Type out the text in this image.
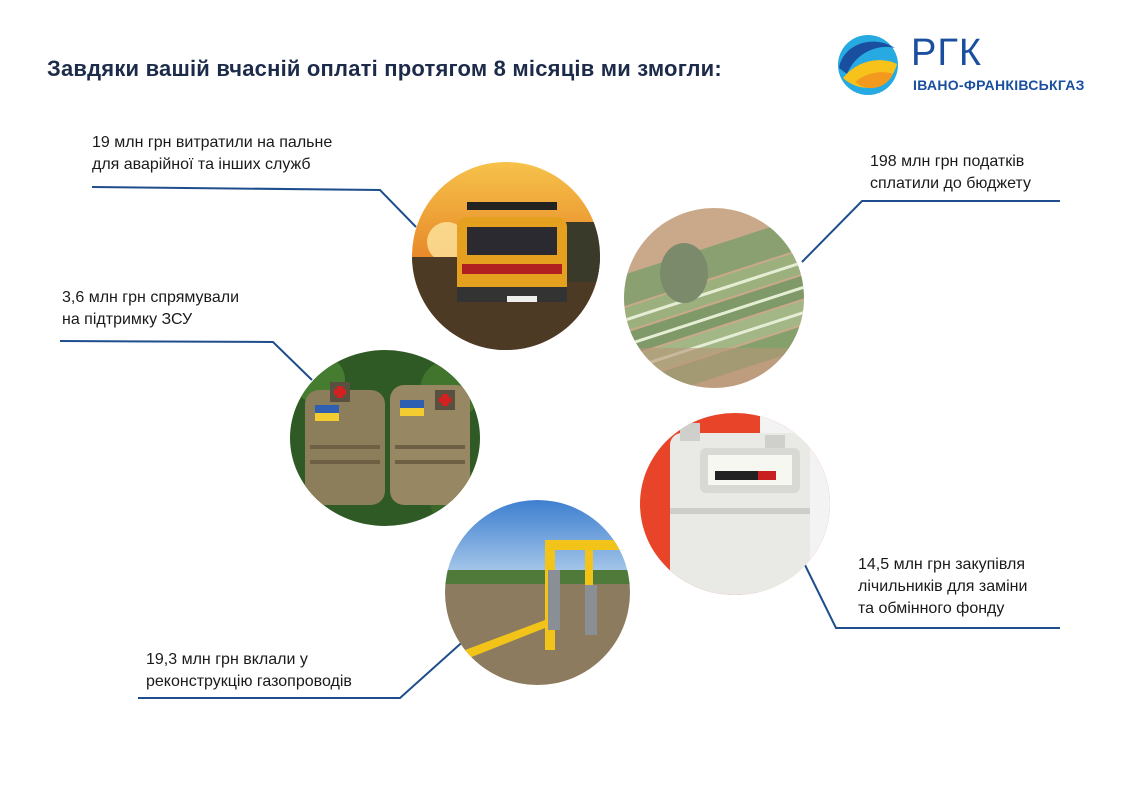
Завдяки вашій вчасній оплаті протягом 8 місяців ми змогли:	РГК
ІВАНО-ФРАНКІВСЬКГАЗ
19 млн грн витратили на пальне
для аварійної та інших служб	198 млн грн податків
сплатили до бюджету
3,6 млн грн спрямували
на підтримку ЗСУ
14,5 млн грн закупівля
лічильників для заміни
та обмінного фонду
19,3 млн грн вклали у
реконструкцію газопроводів
